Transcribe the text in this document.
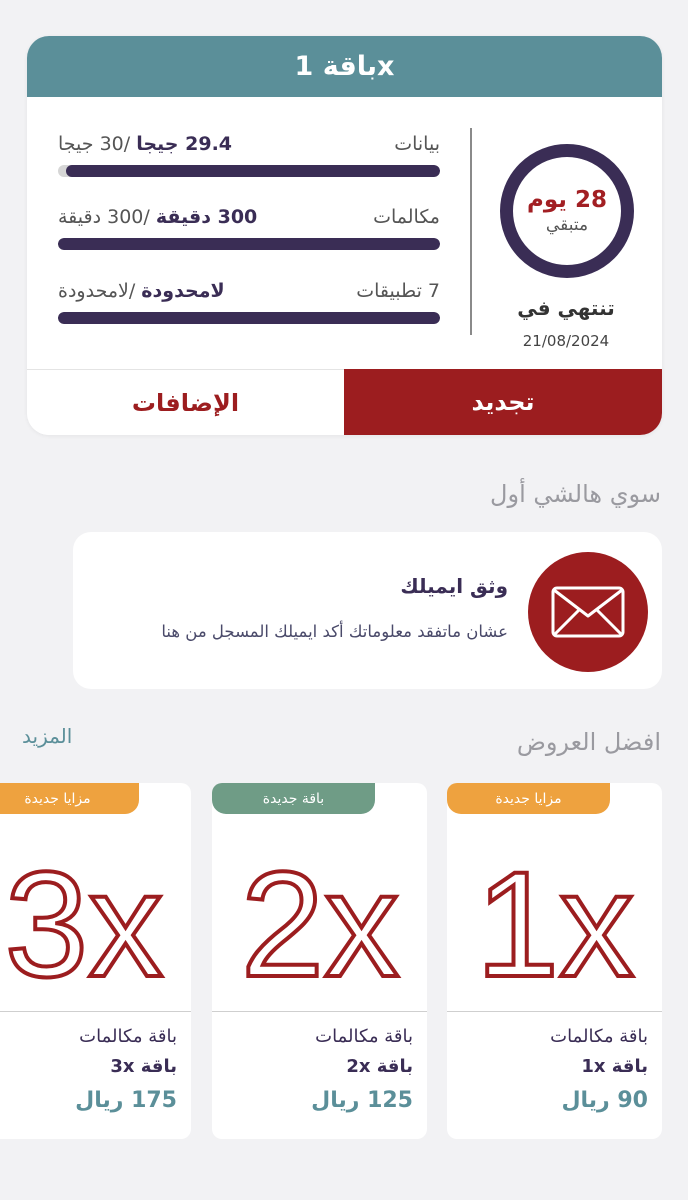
باقة 1x
بيانات
29.4 جيجا /30 جيجا
مكالمات
300 دقيقة /300 دقيقة
7 تطبيقات
لامحدودة /لامحدودة
28 يوم
متبقي
تنتهي في
21/08/2024
الإضافات	تجديد
سوي هالشي أول
وثق ايميلك
عشان ماتفقد معلوماتك أكد ايميلك المسجل من هنا
افضل العروض
المزيد
مزايا جديدة
1x
باقة مكالمات
باقة 1x
90 ريال
باقة جديدة
2x
باقة مكالمات
باقة 2x
125 ريال
مزايا جديدة
3x
باقة مكالمات
باقة 3x
175 ريال
